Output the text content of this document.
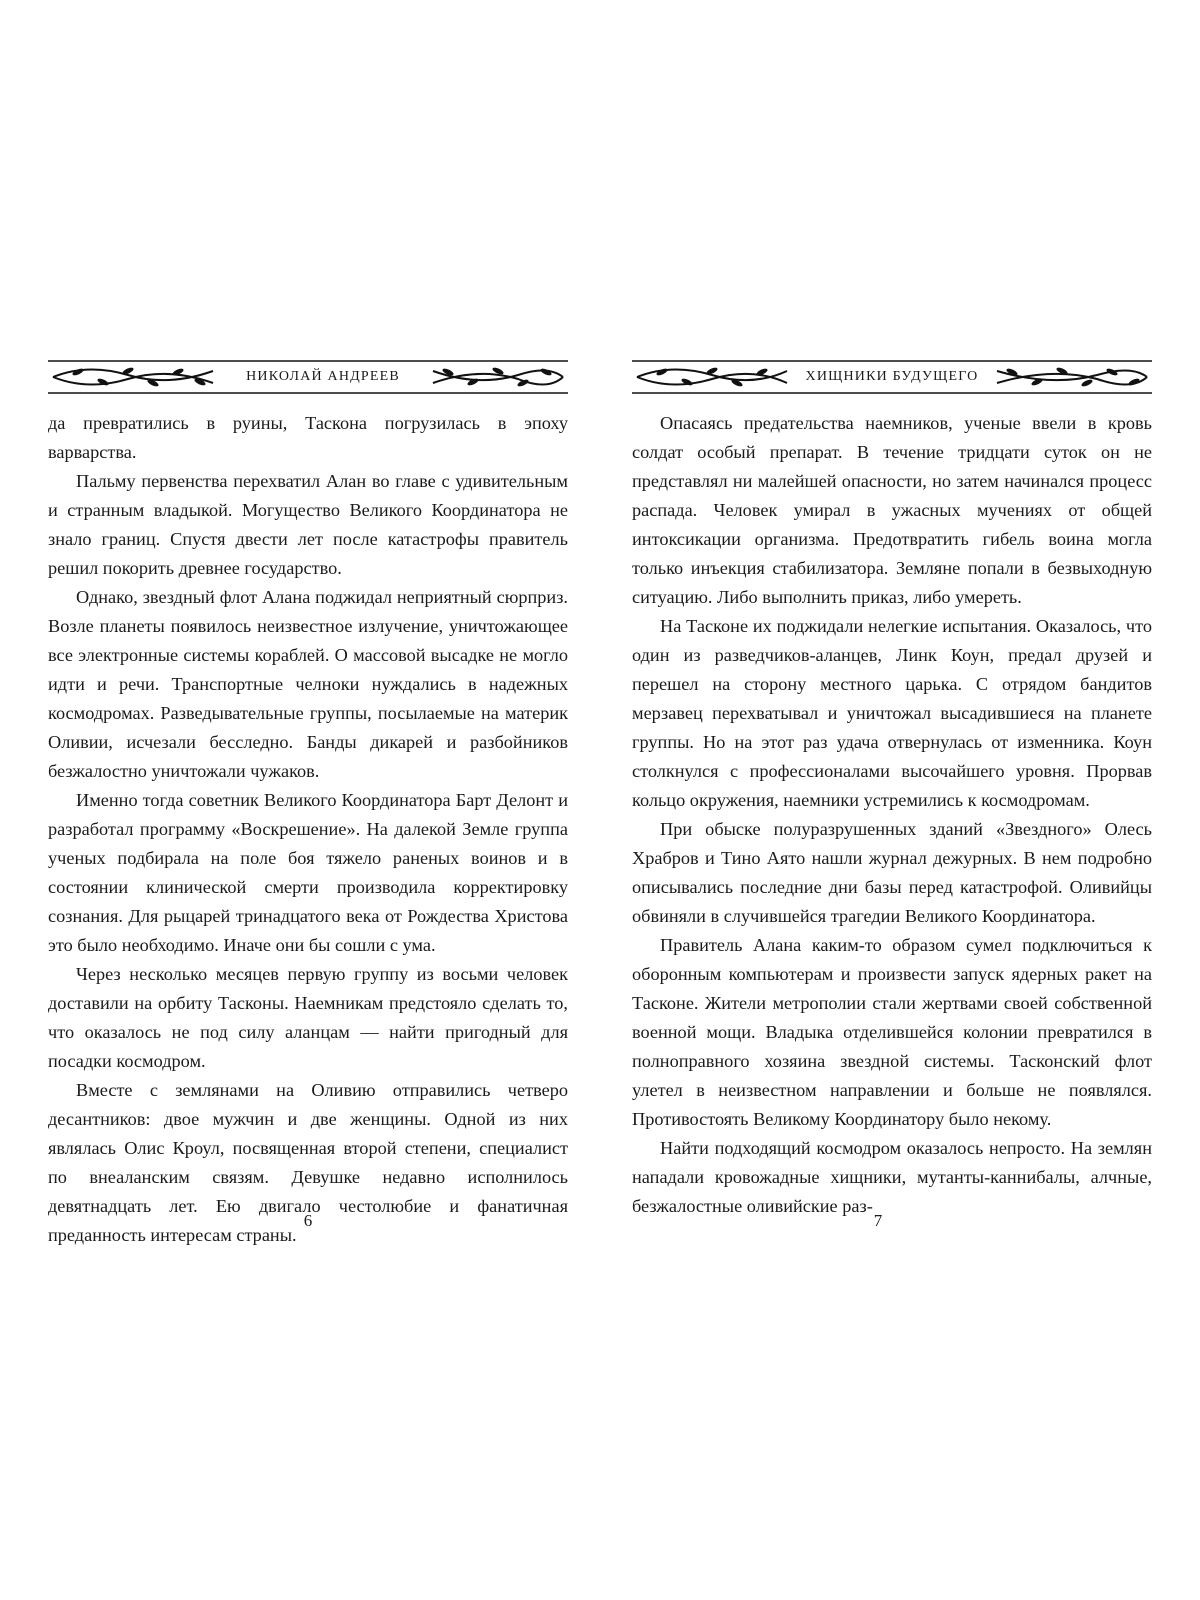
НИКОЛАЙ АНДРЕЕВ

да превратились в руины, Таскона погрузилась в эпоху варварства.

Пальму первенства перехватил Алан во главе с удивительным и странным владыкой. Могущество Великого Координатора не знало границ. Спустя двести лет после катастрофы правитель решил покорить древнее государство.

Однако, звездный флот Алана поджидал неприятный сюрприз. Возле планеты появилось неизвестное излучение, уничтожающее все электронные системы кораблей. О массовой высадке не могло идти и речи. Транспортные челноки нуждались в надежных космодромах. Разведывательные группы, посылаемые на материк Оливии, исчезали бесследно. Банды дикарей и разбойников безжалостно уничтожали чужаков.

Именно тогда советник Великого Координатора Барт Делонт и разработал программу «Воскрешение». На далекой Земле группа ученых подбирала на поле боя тяжело раненых воинов и в состоянии клинической смерти производила корректировку сознания. Для рыцарей тринадцатого века от Рождества Христова это было необходимо. Иначе они бы сошли с ума.

Через несколько месяцев первую группу из восьми человек доставили на орбиту Тасконы. Наемникам предстояло сделать то, что оказалось не под силу аланцам — найти пригодный для посадки космодром.

Вместе с землянами на Оливию отправились четверо десантников: двое мужчин и две женщины. Одной из них являлась Олис Кроул, посвященная второй степени, специалист по внеаланским связям. Девушке недавно исполнилось девятнадцать лет. Ею двигало честолюбие и фанатичная преданность интересам страны.

6
ХИЩНИКИ БУДУЩЕГО

Опасаясь предательства наемников, ученые ввели в кровь солдат особый препарат. В течение тридцати суток он не представлял ни малейшей опасности, но затем начинался процесс распада. Человек умирал в ужасных мучениях от общей интоксикации организма. Предотвратить гибель воина могла только инъекция стабилизатора. Земляне попали в безвыходную ситуацию. Либо выполнить приказ, либо умереть.

На Тасконе их поджидали нелегкие испытания. Оказалось, что один из разведчиков-аланцев, Линк Коун, предал друзей и перешел на сторону местного царька. С отрядом бандитов мерзавец перехватывал и уничтожал высадившиеся на планете группы. Но на этот раз удача отвернулась от изменника. Коун столкнулся с профессионалами высочайшего уровня. Прорвав кольцо окружения, наемники устремились к космодромам.

При обыске полуразрушенных зданий «Звездного» Олесь Храбров и Тино Аято нашли журнал дежурных. В нем подробно описывались последние дни базы перед катастрофой. Оливийцы обвиняли в случившейся трагедии Великого Координатора.

Правитель Алана каким-то образом сумел подключиться к оборонным компьютерам и произвести запуск ядерных ракет на Тасконе. Жители метрополии стали жертвами своей собственной военной мощи. Владыка отделившейся колонии превратился в полноправного хозяина звездной системы. Тасконский флот улетел в неизвестном направлении и больше не появлялся. Противостоять Великому Координатору было некому.

Найти подходящий космодром оказалось непросто. На землян нападали кровожадные хищники, мутанты-каннибалы, алчные, безжалостные оливийские раз-

7
